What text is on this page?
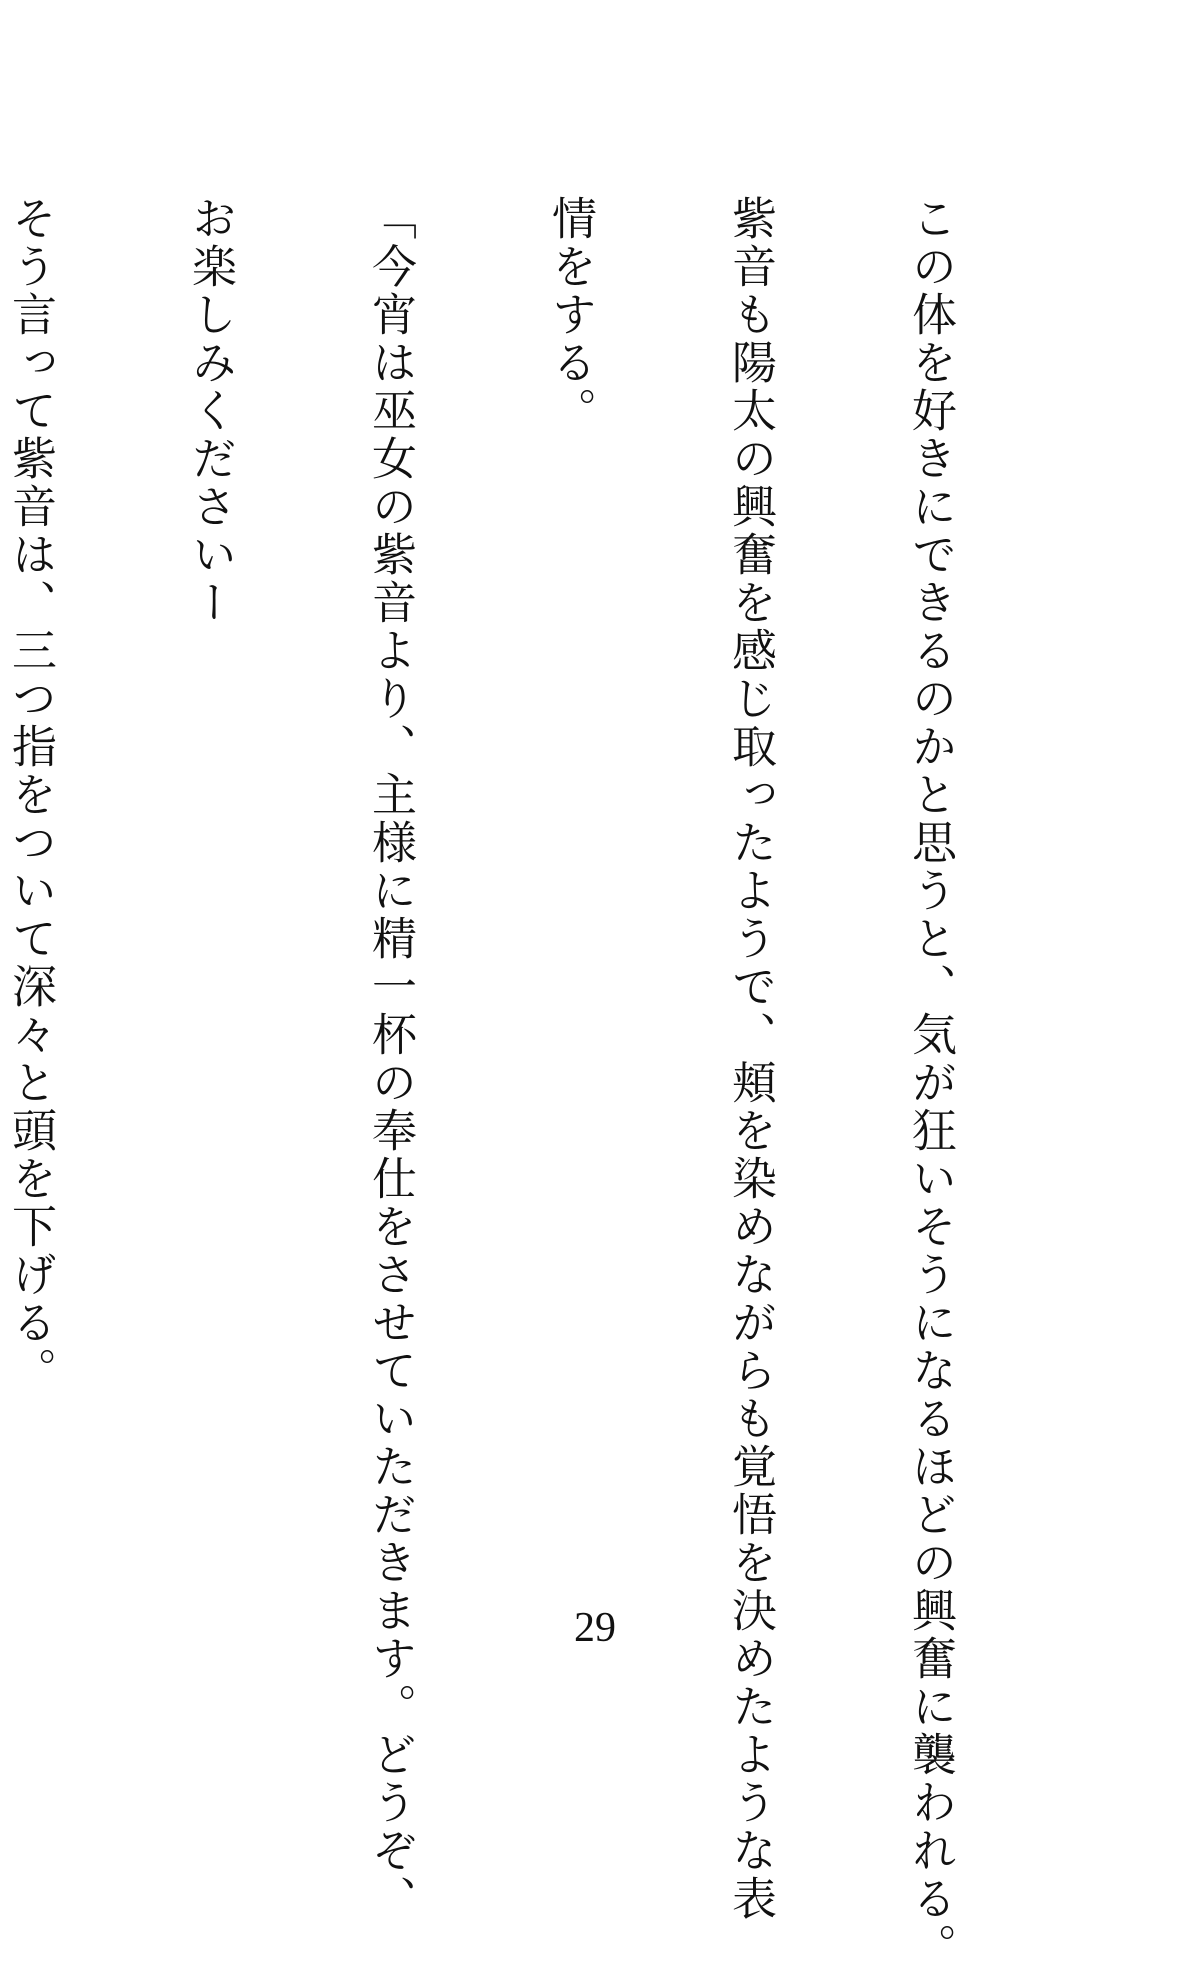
この体を好きにできるのかと思うと、気が狂いそうになるほどの興奮に襲われる。

紫音も陽太の興奮を感じ取ったようで、頬を染めながらも覚悟を決めたような表

情をする。

「今宵は巫女の紫音より、主様に精一杯の奉仕をさせていただきます。どうぞ、

お楽しみくださいー

そう言って紫音は、三つ指をついて深々と頭を下げる。

29
